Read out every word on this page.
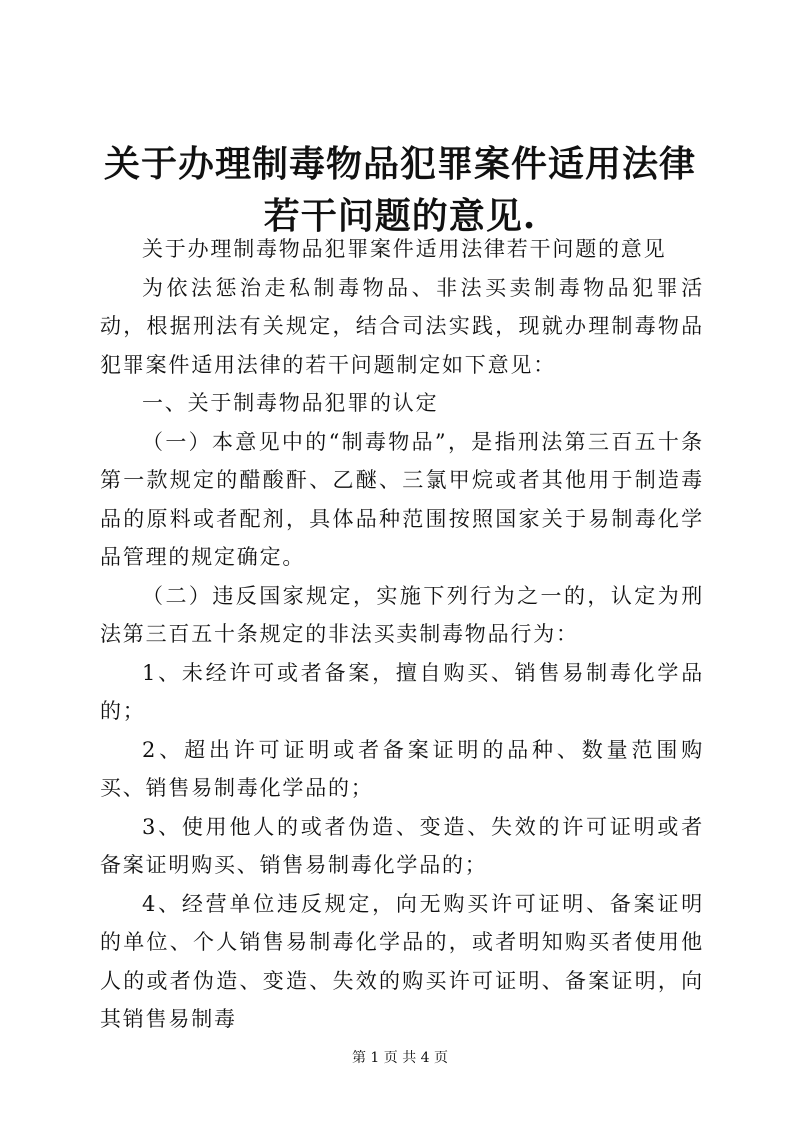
关于办理制毒物品犯罪案件适用法律若干问题的意见.

关于办理制毒物品犯罪案件适用法律若干问题的意见

为依法惩治走私制毒物品、非法买卖制毒物品犯罪活动，根据刑法有关规定，结合司法实践，现就办理制毒物品犯罪案件适用法律的若干问题制定如下意见：

一、关于制毒物品犯罪的认定

（一）本意见中的“制毒物品”，是指刑法第三百五十条第一款规定的醋酸酐、乙醚、三氯甲烷或者其他用于制造毒品的原料或者配剂，具体品种范围按照国家关于易制毒化学品管理的规定确定。

（二）违反国家规定，实施下列行为之一的，认定为刑法第三百五十条规定的非法买卖制毒物品行为：

1、未经许可或者备案，擅自购买、销售易制毒化学品的；

2、超出许可证明或者备案证明的品种、数量范围购买、销售易制毒化学品的；

3、使用他人的或者伪造、变造、失效的许可证明或者备案证明购买、销售易制毒化学品的；

4、经营单位违反规定，向无购买许可证明、备案证明的单位、个人销售易制毒化学品的，或者明知购买者使用他人的或者伪造、变造、失效的购买许可证明、备案证明，向其销售易制毒

第 1 页 共 4 页
